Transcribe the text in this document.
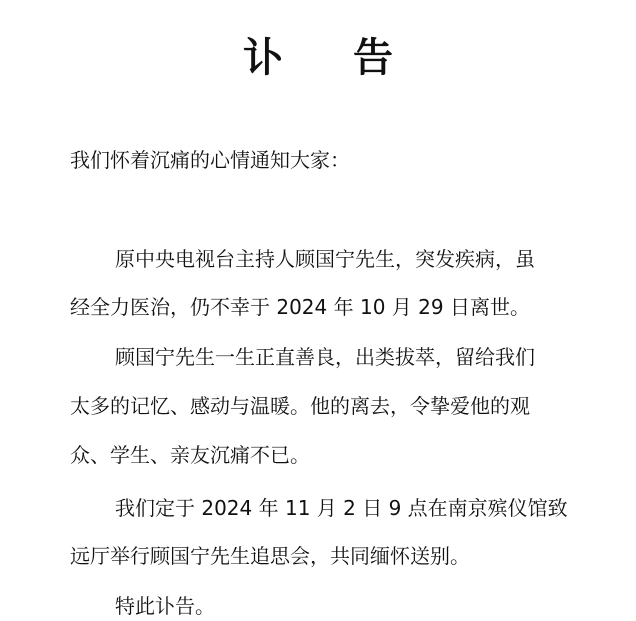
讣 告
我们怀着沉痛的心情通知大家：
原中央电视台主持人顾国宁先生，突发疾病，虽
经全力医治，仍不幸于 2024 年 10 月 29 日离世。
顾国宁先生一生正直善良，出类拔萃，留给我们
太多的记忆、感动与温暖。他的离去，令挚爱他的观
众、学生、亲友沉痛不已。
我们定于 2024 年 11 月 2 日 9 点在南京殡仪馆致
远厅举行顾国宁先生追思会，共同缅怀送别。
特此讣告。
